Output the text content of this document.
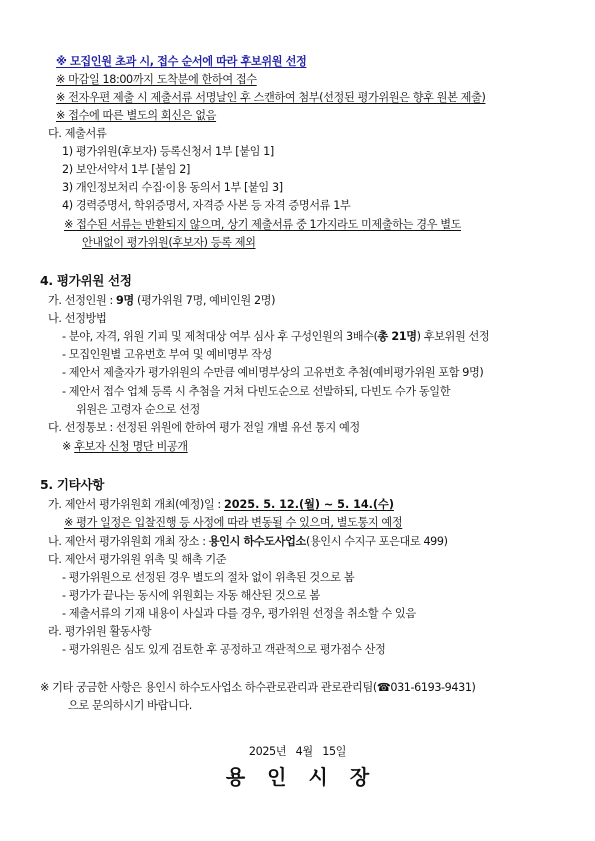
※ 모집인원 초과 시, 접수 순서에 따라 후보위원 선정
※ 마감일 18:00까지 도착분에 한하여 접수
※ 전자우편 제출 시 제출서류 서명날인 후 스캔하여 첨부(선정된 평가위원은 향후 원본 제출)
※ 접수에 따른 별도의 회신은 없음
다. 제출서류
1) 평가위원(후보자) 등록신청서 1부 [붙임 1]
2) 보안서약서 1부 [붙임 2]
3) 개인정보처리 수집·이용 동의서 1부 [붙임 3]
4) 경력증명서, 학위증명서, 자격증 사본 등 자격 증명서류 1부
※ 접수된 서류는 반환되지 않으며, 상기 제출서류 중 1가지라도 미제출하는 경우 별도
안내없이 평가위원(후보자) 등록 제외
4. 평가위원 선정
가. 선정인원 : 9명 (평가위원 7명, 예비인원 2명)
나. 선정방법
- 분야, 자격, 위원 기피 및 제척대상 여부 심사 후 구성인원의 3배수(총 21명) 후보위원 선정
- 모집인원별 고유번호 부여 및 예비명부 작성
- 제안서 제출자가 평가위원의 수만큼 예비명부상의 고유번호 추첨(예비평가위원 포함 9명)
- 제안서 접수 업체 등록 시 추첨을 거쳐 다빈도순으로 선발하되, 다빈도 수가 동일한
위원은 고령자 순으로 선정
다. 선정통보 : 선정된 위원에 한하여 평가 전일 개별 유선 통지 예정
※ 후보자 신청 명단 비공개
5. 기타사항
가. 제안서 평가위원회 개최(예정)일 : 2025. 5. 12.(월) ~ 5. 14.(수)
※ 평가 일정은 입찰진행 등 사정에 따라 변동될 수 있으며, 별도통지 예정
나. 제안서 평가위원회 개최 장소 : 용인시 하수도사업소(용인시 수지구 포은대로 499)
다. 제안서 평가위원 위촉 및 해촉 기준
- 평가위원으로 선정된 경우 별도의 절차 없이 위촉된 것으로 봄
- 평가가 끝나는 동시에 위원회는 자동 해산된 것으로 봄
- 제출서류의 기재 내용이 사실과 다를 경우, 평가위원 선정을 취소할 수 있음
라. 평가위원 활동사항
- 평가위원은 심도 있게 검토한 후 공정하고 객관적으로 평가점수 산정
※ 기타 궁금한 사항은 용인시 하수도사업소 하수관로관리과 관로관리팀(☎031-6193-9431)
으로 문의하시기 바랍니다.
2025년   4월   15일
용인시장
